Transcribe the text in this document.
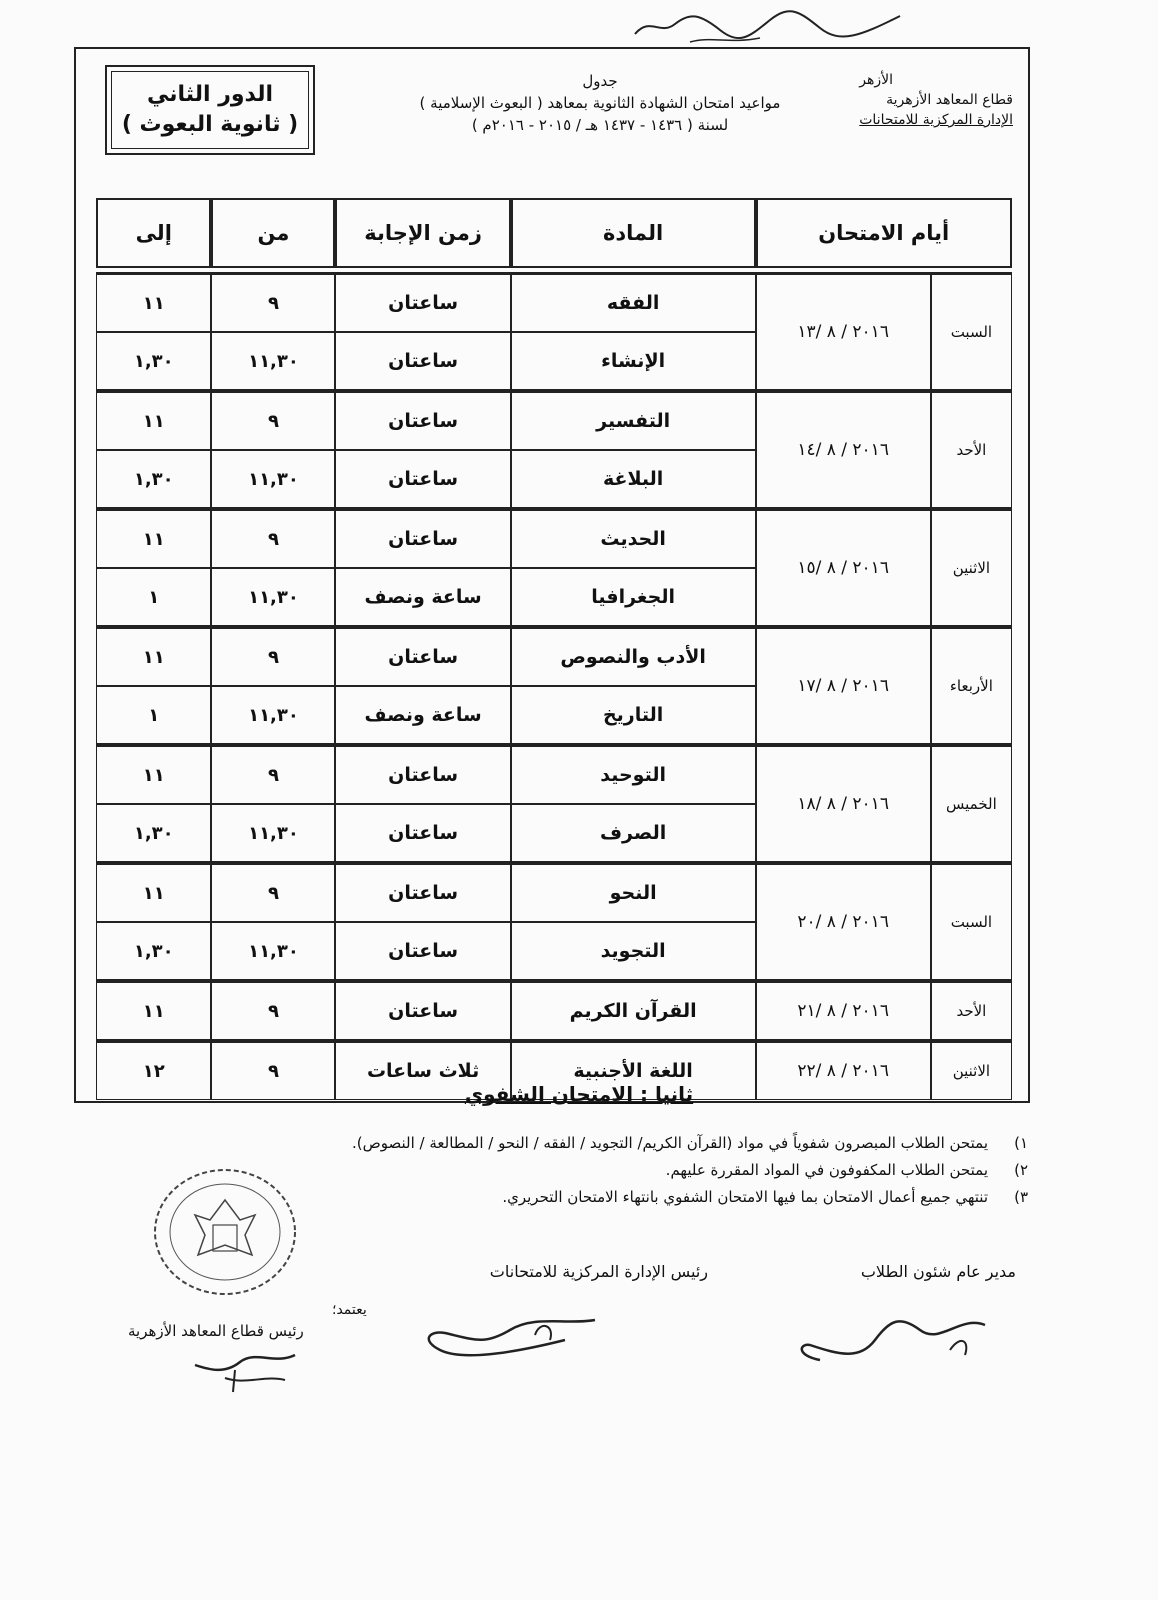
الأزهر
قطاع المعاهد الأزهرية

الإدارة المركزية للامتحانات
جدول
مواعيد امتحان الشهادة الثانوية بمعاهد ( البعوث الإسلامية )
لسنة ( ١٤٣٦ - ١٤٣٧ هـ / ٢٠١٥ - ٢٠١٦م )
الدور الثاني
( ثانوية البعوث )
أيام الامتحان		المادة	زمن الإجابة	من	إلى

السبت	٢٠١٦ / ٨ /١٣	الفقه	ساعتان	٩	١١
		الإنشاء	ساعتان	١١,٣٠	١,٣٠
الأحد	٢٠١٦ / ٨ /١٤	التفسير	ساعتان	٩	١١
		البلاغة	ساعتان	١١,٣٠	١,٣٠
الاثنين	٢٠١٦ / ٨ /١٥	الحديث	ساعتان	٩	١١
		الجغرافيا	ساعة ونصف	١١,٣٠	١
الأربعاء	٢٠١٦ / ٨ /١٧	الأدب والنصوص	ساعتان	٩	١١
		التاريخ	ساعة ونصف	١١,٣٠	١
الخميس	٢٠١٦ / ٨ /١٨	التوحيد	ساعتان	٩	١١
		الصرف	ساعتان	١١,٣٠	١,٣٠
السبت	٢٠١٦ / ٨ /٢٠	النحو	ساعتان	٩	١١
		التجويد	ساعتان	١١,٣٠	١,٣٠
الأحد	٢٠١٦ / ٨ /٢١	القرآن الكريم	ساعتان	٩	١١
الاثنين	٢٠١٦ / ٨ /٢٢	اللغة الأجنبية	ثلاث ساعات	٩	١٢
ثانيا : الامتحان الشفوي
١)
يمتحن الطلاب المبصرون شفوياً في مواد (القرآن الكريم/ التجويد / الفقه / النحو / المطالعة / النصوص).
٢)
يمتحن الطلاب المكفوفون في المواد المقررة عليهم.
٣)
تنتهي جميع أعمال الامتحان بما فيها الامتحان الشفوي بانتهاء الامتحان التحريري.
مدير عام شئون الطلاب
رئيس الإدارة المركزية للامتحانات
يعتمد؛
رئيس قطاع المعاهد الأزهرية
